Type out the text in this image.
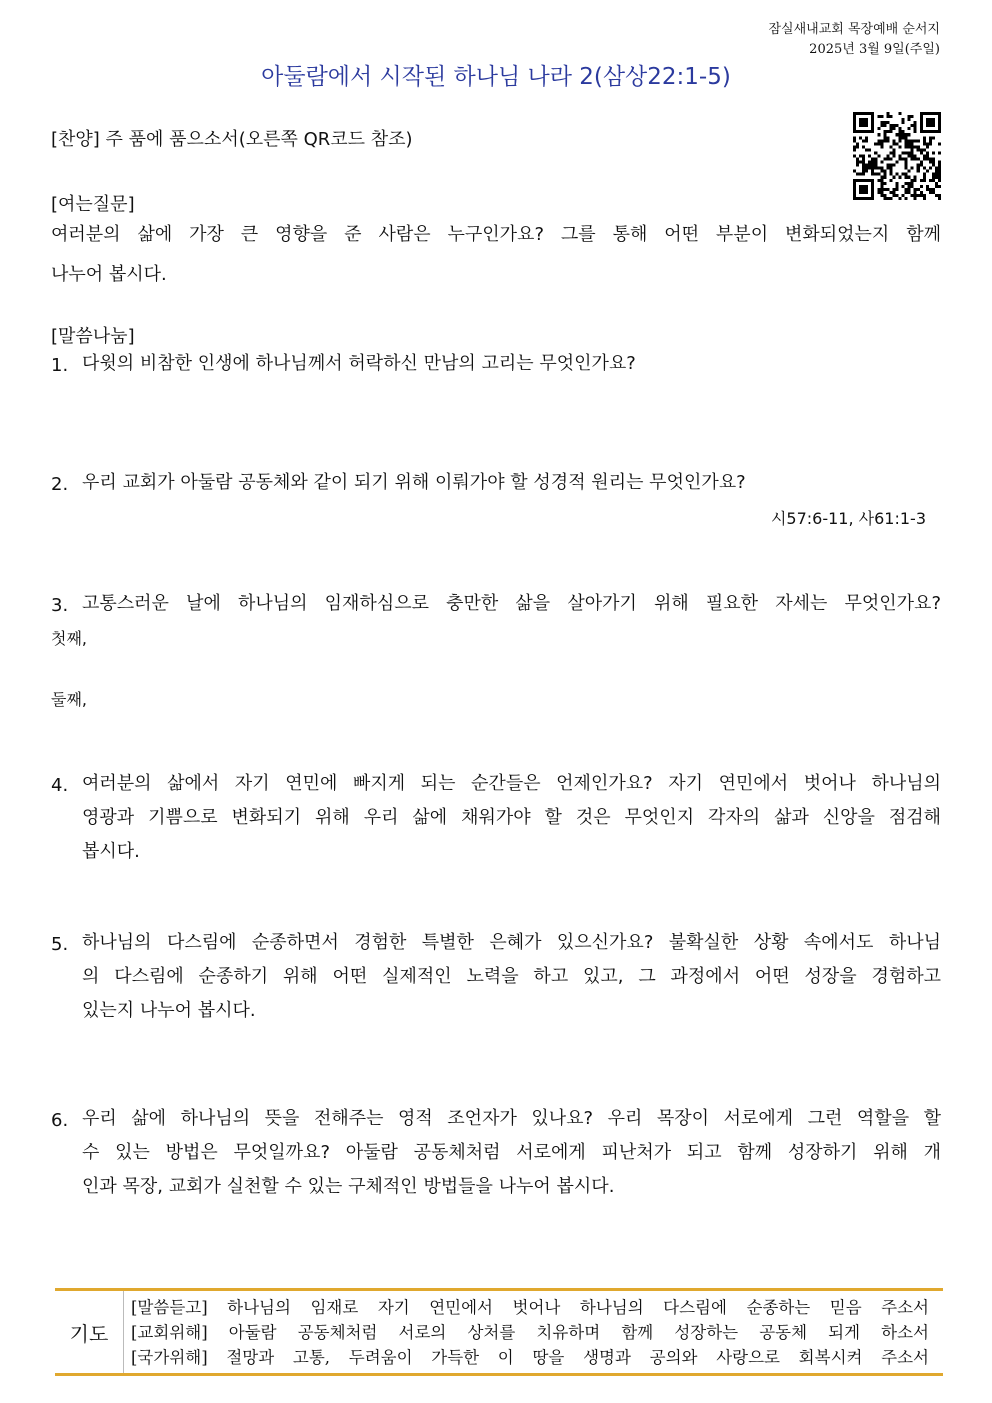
잠실새내교회 목장예배 순서지
2025년 3월 9일(주일)
아둘람에서 시작된 하나님 나라 2(삼상22:1-5)
[찬양] 주 품에 품으소서(오른쪽 QR코드 참조)
[여는질문]
여러분의 삶에 가장 큰 영향을 준 사람은 누구인가요? 그를 통해 어떤 부분이 변화되었는지 함께
나누어 봅시다.
[말씀나눔]
1. 다윗의 비참한 인생에 하나님께서 허락하신 만남의 고리는 무엇인가요?
2. 우리 교회가 아둘람 공동체와 같이 되기 위해 이뤄가야 할 성경적 원리는 무엇인가요?
시57:6-11, 사61:1-3
3. 고통스러운 날에 하나님의 임재하심으로 충만한 삶을 살아가기 위해 필요한 자세는 무엇인가요?
첫째,
둘째,
4. 여러분의 삶에서 자기 연민에 빠지게 되는 순간들은 언제인가요? 자기 연민에서 벗어나 하나님의
영광과 기쁨으로 변화되기 위해 우리 삶에 채워가야 할 것은 무엇인지 각자의 삶과 신앙을 점검해
봅시다.
5. 하나님의 다스림에 순종하면서 경험한 특별한 은혜가 있으신가요? 불확실한 상황 속에서도 하나님
의 다스림에 순종하기 위해 어떤 실제적인 노력을 하고 있고, 그 과정에서 어떤 성장을 경험하고
있는지 나누어 봅시다.
6. 우리 삶에 하나님의 뜻을 전해주는 영적 조언자가 있나요? 우리 목장이 서로에게 그런 역할을 할
수 있는 방법은 무엇일까요? 아둘람 공동체처럼 서로에게 피난처가 되고 함께 성장하기 위해 개
인과 목장, 교회가 실천할 수 있는 구체적인 방법들을 나누어 봅시다.
기도
[말씀듣고] 하나님의 임재로 자기 연민에서 벗어나 하나님의 다스림에 순종하는 믿음 주소서
[교회위해] 아둘람 공동체처럼 서로의 상처를 치유하며 함께 성장하는 공동체 되게 하소서
[국가위해] 절망과 고통, 두려움이 가득한 이 땅을 생명과 공의와 사랑으로 회복시켜 주소서
